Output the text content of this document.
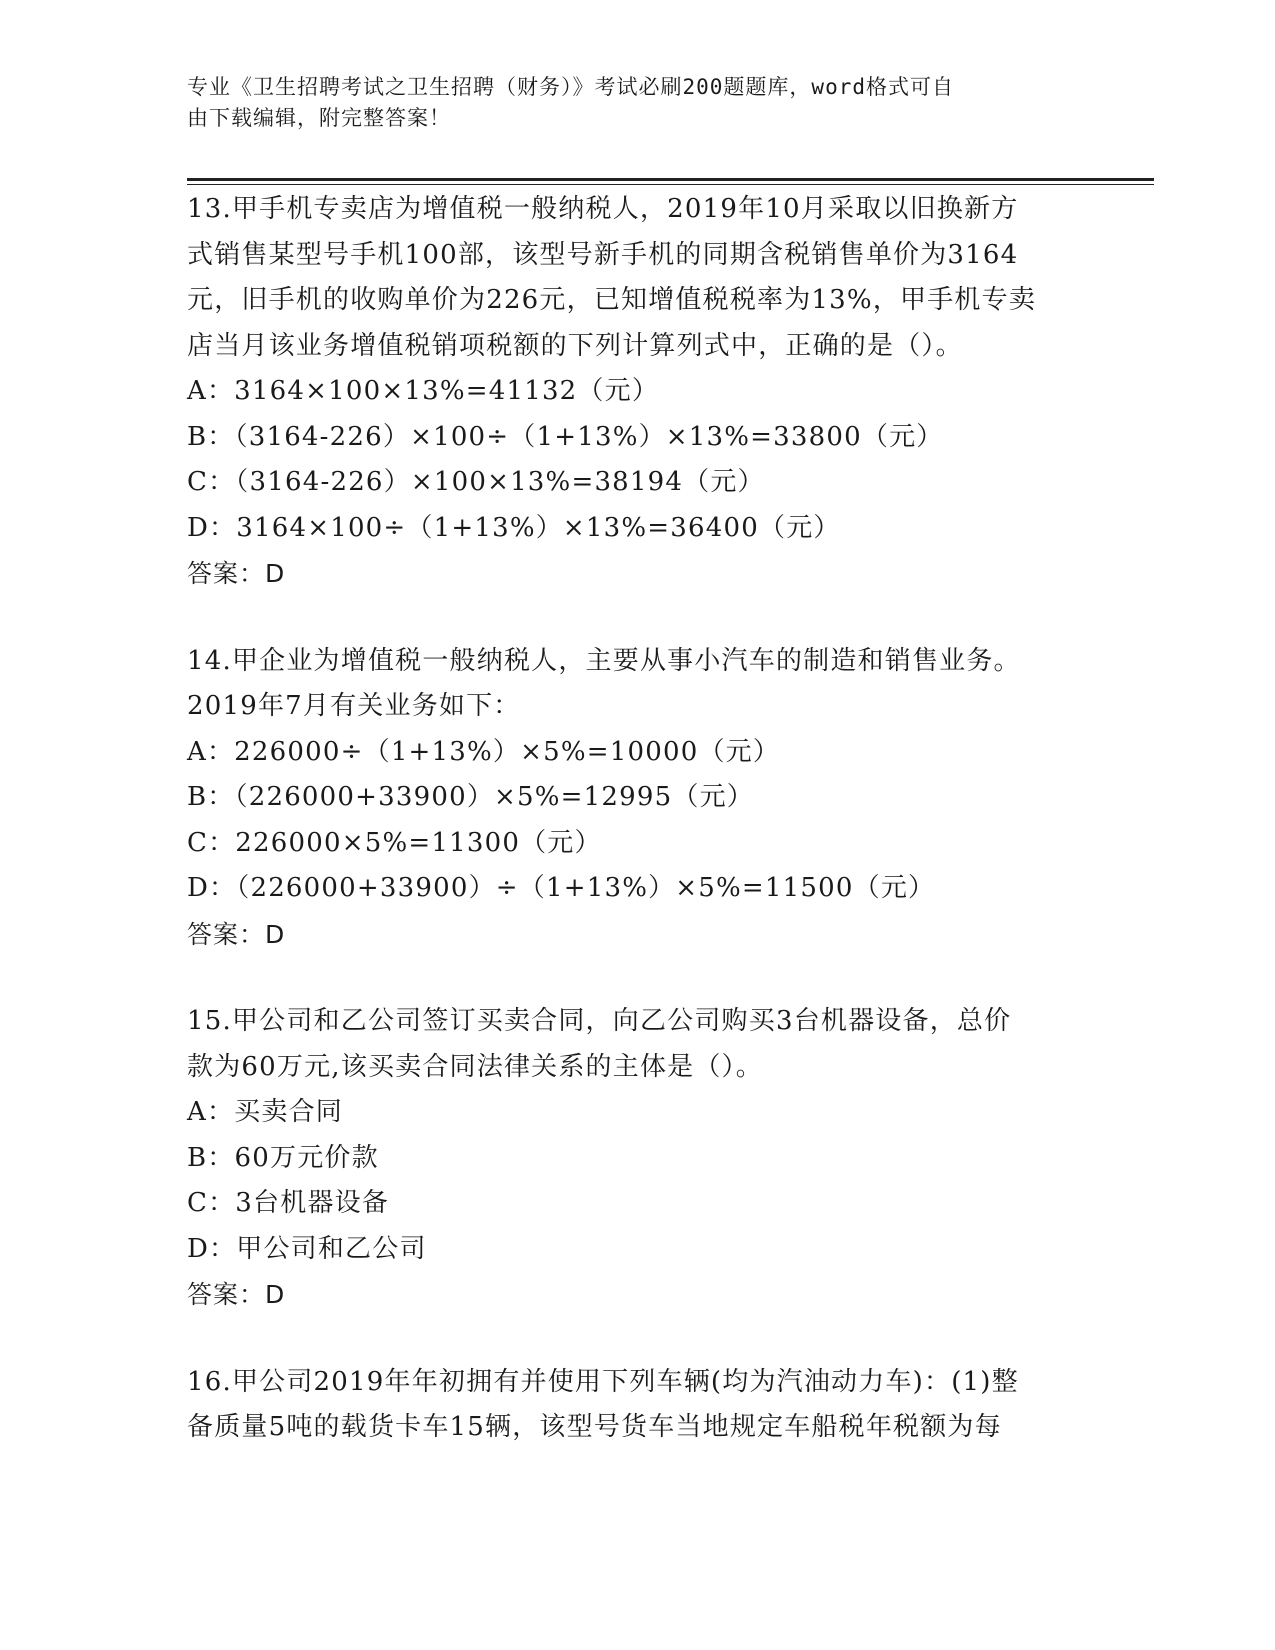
专业《卫生招聘考试之卫生招聘（财务）》考试必刷200题题库，word格式可自
由下载编辑，附完整答案！
13.甲手机专卖店为增值税一般纳税人，2019年10月采取以旧换新方
式销售某型号手机100部，该型号新手机的同期含税销售单价为3164
元，旧手机的收购单价为226元，已知增值税税率为13%，甲手机专卖
店当月该业务增值税销项税额的下列计算列式中，正确的是（）。
A：3164×100×13%=41132（元）
B：（3164-226）×100÷（1+13%）×13%=33800（元）
C：（3164-226）×100×13%=38194（元）
D：3164×100÷（1+13%）×13%=36400（元）
答案：D
14.甲企业为增值税一般纳税人，主要从事小汽车的制造和销售业务。
2019年7月有关业务如下：
A：226000÷（1+13%）×5%=10000（元）
B：（226000+33900）×5%=12995（元）
C：226000×5%=11300（元）
D：（226000+33900）÷（1+13%）×5%=11500（元）
答案：D
15.甲公司和乙公司签订买卖合同，向乙公司购买3台机器设备，总价
款为60万元,该买卖合同法律关系的主体是（）。
A：买卖合同
B：60万元价款
C：3台机器设备
D：甲公司和乙公司
答案：D
16.甲公司2019年年初拥有并使用下列车辆(均为汽油动力车)：(1)整
备质量5吨的载货卡车15辆，该型号货车当地规定车船税年税额为每
